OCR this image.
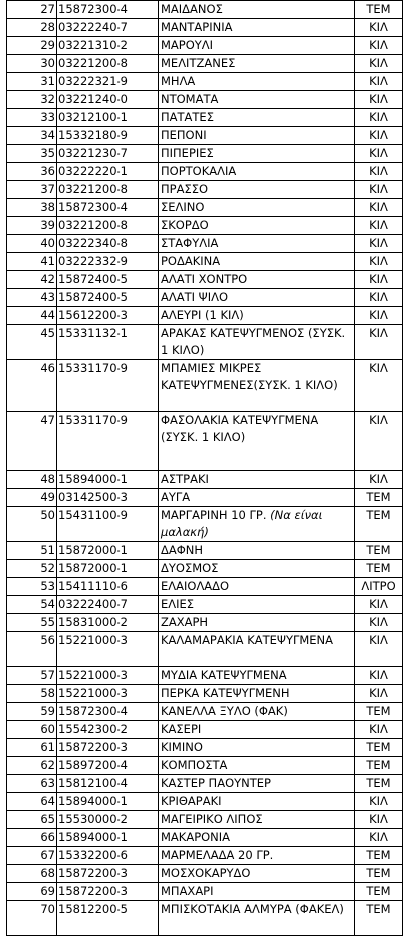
27	15872300-4	ΜΑΙΔΑΝΟΣ	ΤΕΜ
28	03222240-7	ΜΑΝΤΑΡΙΝΙΑ	ΚΙΛ
29	03221310-2	ΜΑΡΟΥΛΙ	ΚΙΛ
30	03221200-8	ΜΕΛΙΤΖΑΝΕΣ	ΚΙΛ
31	03222321-9	ΜΗΛΑ	ΚΙΛ
32	03221240-0	ΝΤΟΜΑΤΑ	ΚΙΛ
33	03212100-1	ΠΑΤΑΤΕΣ	ΚΙΛ
34	15332180-9	ΠΕΠΟΝΙ	ΚΙΛ
35	03221230-7	ΠΙΠΕΡΙΕΣ	ΚΙΛ
36	03222220-1	ΠΟΡΤΟΚΑΛΙΑ	ΚΙΛ
37	03221200-8	ΠΡΑΣΣΟ	ΚΙΛ
38	15872300-4	ΣΕΛΙΝΟ	ΚΙΛ
39	03221200-8	ΣΚΟΡΔΟ	ΚΙΛ
40	03222340-8	ΣΤΑΦΥΛΙΑ	ΚΙΛ
41	03222332-9	ΡΟΔΑΚΙΝΑ	ΚΙΛ
42	15872400-5	ΑΛΑΤΙ ΧΟΝΤΡΟ	ΚΙΛ
43	15872400-5	ΑΛΑΤΙ ΨΙΛΟ	ΚΙΛ
44	15612200-3	ΑΛΕΥΡΙ (1 ΚΙΛ)	ΚΙΛ
45	15331132-1	ΑΡΑΚΑΣ ΚΑΤΕΨΥΓΜΕΝΟΣ (ΣΥΣΚ. 1 ΚΙΛΟ)	ΚΙΛ
46	15331170-9	ΜΠΑΜΙΕΣ ΜΙΚΡΕΣ ΚΑΤΕΨΥΓΜΕΝΕΣ(ΣΥΣΚ. 1 ΚΙΛΟ)	ΚΙΛ
47	15331170-9	ΦΑΣΟΛΑΚΙΑ ΚΑΤΕΨΥΓΜΕΝΑ (ΣΥΣΚ. 1 ΚΙΛΟ)	ΚΙΛ
48	15894000-1	ΑΣΤΡΑΚΙ	ΚΙΛ
49	03142500-3	ΑΥΓΑ	ΤΕΜ
50	15431100-9	ΜΑΡΓΑΡΙΝΗ 10 ΓΡ. (Να είναι μαλακή)	ΤΕΜ
51	15872000-1	ΔΑΦΝΗ	ΤΕΜ
52	15872000-1	ΔΥΟΣΜΟΣ	ΤΕΜ
53	15411110-6	ΕΛΑΙΟΛΑΔΟ	ΛΙΤΡΟ
54	03222400-7	ΕΛΙΕΣ	ΚΙΛ
55	15831000-2	ΖΑΧΑΡΗ	ΚΙΛ
56	15221000-3	ΚΑΛΑΜΑΡΑΚΙΑ ΚΑΤΕΨΥΓΜΕΝΑ	ΚΙΛ
57	15221000-3	ΜΥΔΙΑ ΚΑΤΕΨΥΓΜΕΝΑ	ΚΙΛ
58	15221000-3	ΠΕΡΚΑ ΚΑΤΕΨΥΓΜΕΝΗ	ΚΙΛ
59	15872300-4	ΚΑΝΕΛΛΑ ΞΥΛΟ (ΦΑΚ)	ΤΕΜ
60	15542300-2	ΚΑΣΕΡΙ	ΚΙΛ
61	15872200-3	ΚΙΜΙΝΟ	ΤΕΜ
62	15897200-4	ΚΟΜΠΟΣΤΑ	ΤΕΜ
63	15812100-4	ΚΑΣΤΕΡ ΠΑΟΥΝΤΕΡ	ΤΕΜ
64	15894000-1	ΚΡΙΘΑΡΑΚΙ	ΚΙΛ
65	15530000-2	ΜΑΓΕΙΡΙΚΟ ΛΙΠΟΣ	ΚΙΛ
66	15894000-1	ΜΑΚΑΡΟΝΙΑ	ΚΙΛ
67	15332200-6	ΜΑΡΜΕΛΑΔΑ 20 ΓΡ.	ΤΕΜ
68	15872200-3	ΜΟΣΧΟΚΑΡΥΔΟ	ΤΕΜ
69	15872200-3	ΜΠΑΧΑΡΙ	ΤΕΜ
70	15812200-5	ΜΠΙΣΚΟΤΑΚΙΑ ΑΛΜΥΡΑ (ΦΑΚΕΛ)	ΤΕΜ
